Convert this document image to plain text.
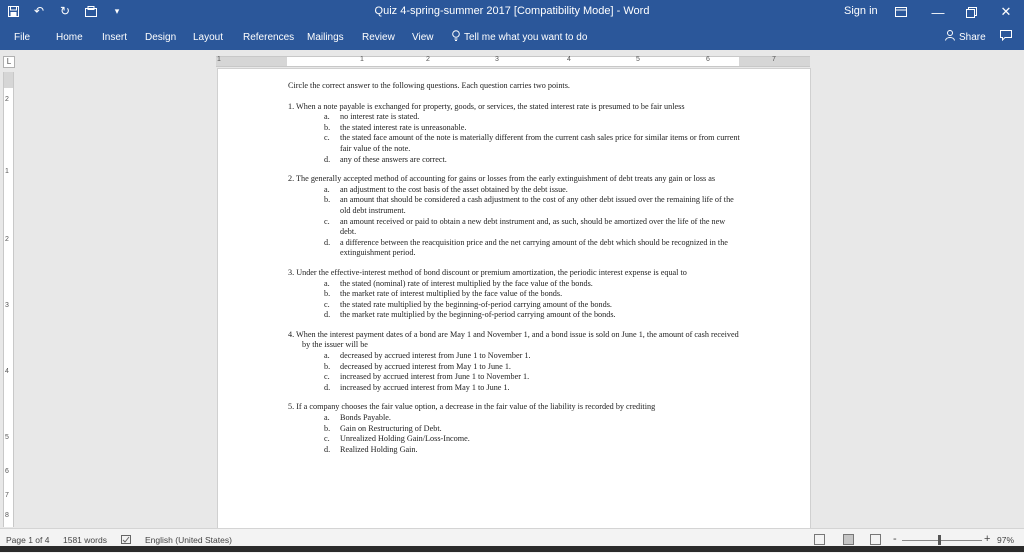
↶ ↻	▾	Quiz 4-spring-summer 2017 [Compatibility Mode] - Word	Sign in	—	✕
File	Home Insert Design Layout References Mailings Review View	Tell me what you want to do	Share
L	1	1	2	3	4	5	6	7
2
1
2
3
4
5
6
7
8

Circle the correct answer to the following questions. Each question carries two points.

1. When a note payable is exchanged for property, goods, or services, the stated interest rate is presumed to be fair unless
a.	no interest rate is stated.
b.	the stated interest rate is unreasonable.
c.	the stated face amount of the note is materially different from the current cash sales price for similar items or from current fair value of the note.
d.	any of these answers are correct.
2. The generally accepted method of accounting for gains or losses from the early extinguishment of debt treats any gain or loss as
a.	an adjustment to the cost basis of the asset obtained by the debt issue.
b.	an amount that should be considered a cash adjustment to the cost of any other debt issued over the remaining life of the old debt instrument.
c.	an amount received or paid to obtain a new debt instrument and, as such, should be amortized over the life of the new debt.
d.	a difference between the reacquisition price and the net carrying amount of the debt which should be recognized in the extinguishment period.
3. Under the effective-interest method of bond discount or premium amortization, the periodic interest expense is equal to
a.	the stated (nominal) rate of interest multiplied by the face value of the bonds.
b.	the market rate of interest multiplied by the face value of the bonds.
c.	the stated rate multiplied by the beginning-of-period carrying amount of the bonds.
d.	the market rate multiplied by the beginning-of-period carrying amount of the bonds.
4. When the interest payment dates of a bond are May 1 and November 1, and a bond issue is sold on June 1, the amount of cash received by the issuer will be
a.	decreased by accrued interest from June 1 to November 1.
b.	decreased by accrued interest from May 1 to June 1.
c.	increased by accrued interest from June 1 to November 1.
d.	increased by accrued interest from May 1 to June 1.
5. If a company chooses the fair value option, a decrease in the fair value of the liability is recorded by crediting
a.	Bonds Payable.
b.	Gain on Restructuring of Debt.
c.	Unrealized Holding Gain/Loss-Income.
d.	Realized Holding Gain.
Page 1 of 4 1581 words	English (United States)	-	+ 97%
